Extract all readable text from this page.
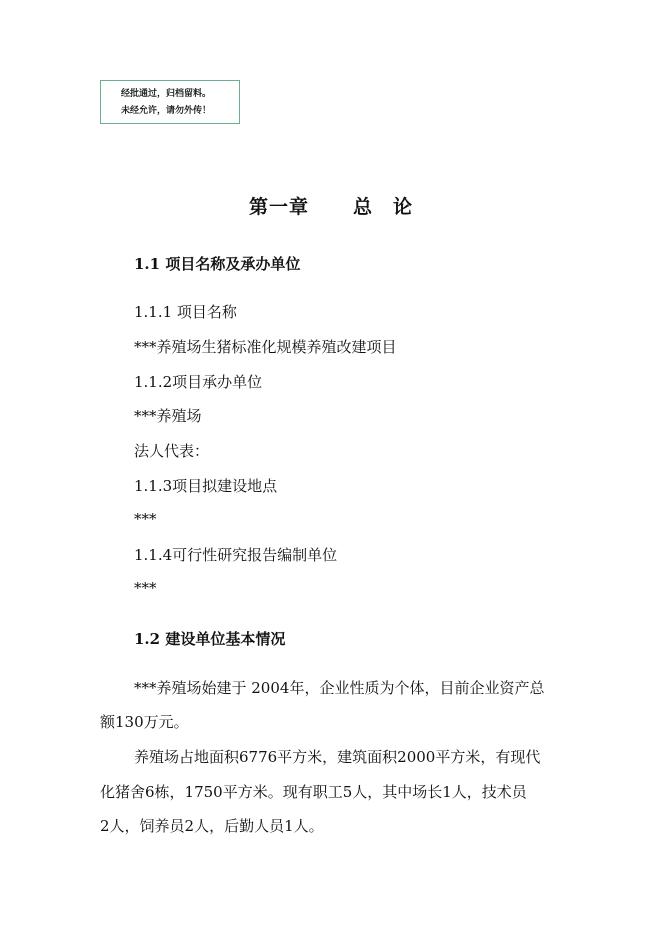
经批通过，归档留料。
未经允许，请勿外传！
第一章 总　论
1.1 项目名称及承办单位
1.1.1 项目名称
***养殖场生猪标准化规模养殖改建项目
1.1.2项目承办单位
***养殖场
法人代表：
1.1.3项目拟建设地点
***
1.1.4可行性研究报告编制单位
***
1.2 建设单位基本情况
***养殖场始建于 2004年，企业性质为个体，目前企业资产总
额130万元。
养殖场占地面积6776平方米，建筑面积2000平方米，有现代
化猪舍6栋，1750平方米。现有职工5人，其中场长1人，技术员
2人，饲养员2人，后勤人员1人。
